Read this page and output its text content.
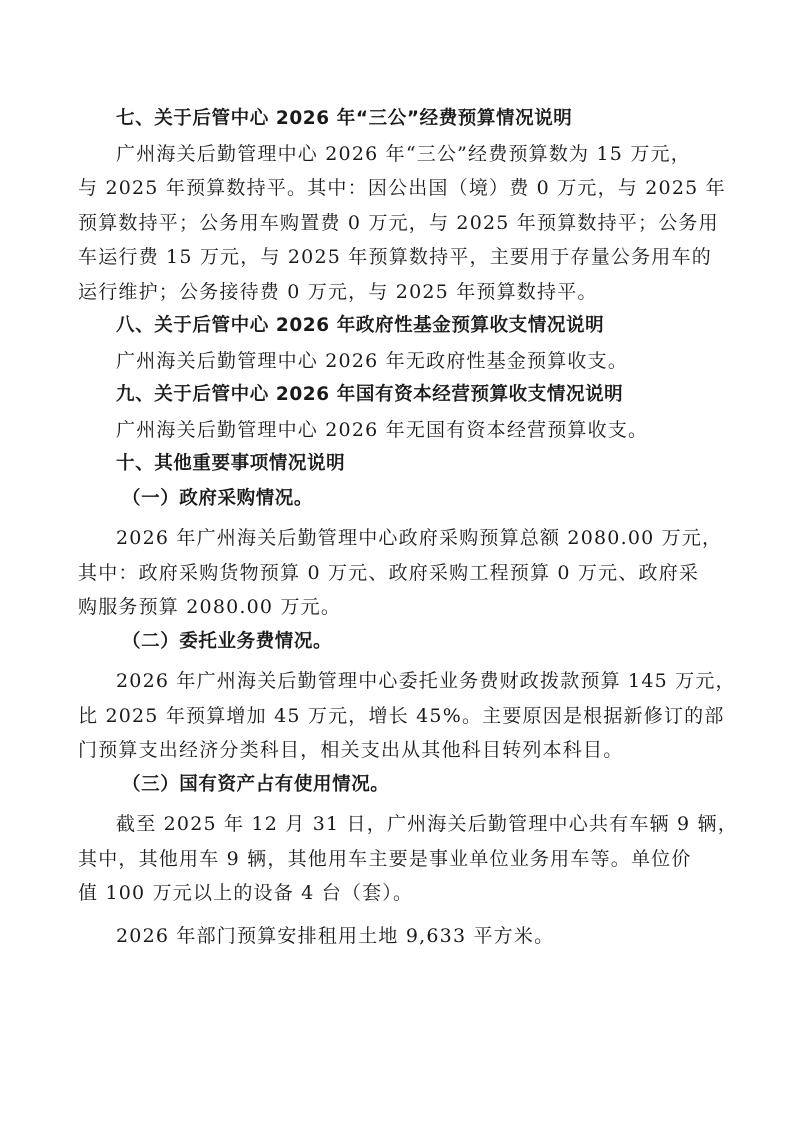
七、关于后管中心 2026 年“三公”经费预算情况说明
广州海关后勤管理中心 2026 年“三公”经费预算数为 15 万元，
与 2025 年预算数持平。其中：因公出国（境）费 0 万元，与 2025 年
预算数持平；公务用车购置费 0 万元，与 2025 年预算数持平；公务用
车运行费 15 万元，与 2025 年预算数持平，主要用于存量公务用车的
运行维护；公务接待费 0 万元，与 2025 年预算数持平。
八、关于后管中心 2026 年政府性基金预算收支情况说明
广州海关后勤管理中心 2026 年无政府性基金预算收支。
九、关于后管中心 2026 年国有资本经营预算收支情况说明
广州海关后勤管理中心 2026 年无国有资本经营预算收支。
十、其他重要事项情况说明
（一）政府采购情况。
2026 年广州海关后勤管理中心政府采购预算总额 2080.00 万元，
其中：政府采购货物预算 0 万元、政府采购工程预算 0 万元、政府采
购服务预算 2080.00 万元。
（二）委托业务费情况。
2026 年广州海关后勤管理中心委托业务费财政拨款预算 145 万元，
比 2025 年预算增加 45 万元，增长 45%。主要原因是根据新修订的部
门预算支出经济分类科目，相关支出从其他科目转列本科目。
（三）国有资产占有使用情况。
截至 2025 年 12 月 31 日，广州海关后勤管理中心共有车辆 9 辆，
其中，其他用车 9 辆，其他用车主要是事业单位业务用车等。单位价
值 100 万元以上的设备 4 台（套）。
2026 年部门预算安排租用土地 9,633 平方米。
